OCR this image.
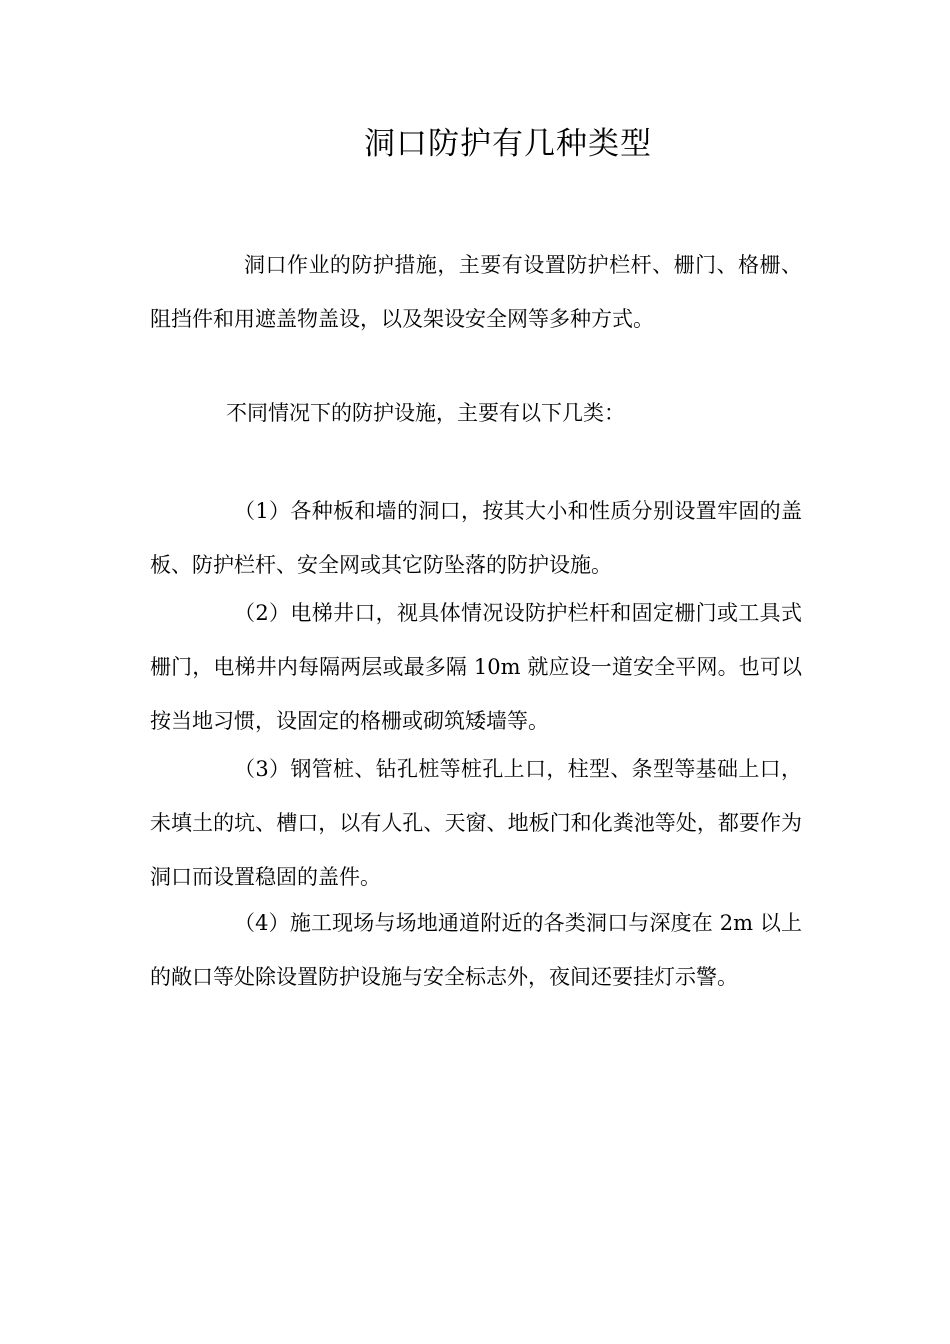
洞口防护有几种类型

洞口作业的防护措施，主要有设置防护栏杆、栅门、格栅、阻挡件和用遮盖物盖设，以及架设安全网等多种方式。

不同情况下的防护设施，主要有以下几类：

（1）各种板和墙的洞口，按其大小和性质分别设置牢固的盖板、防护栏杆、安全网或其它防坠落的防护设施。

（2）电梯井口，视具体情况设防护栏杆和固定栅门或工具式栅门，电梯井内每隔两层或最多隔 10m 就应设一道安全平网。也可以按当地习惯，设固定的格栅或砌筑矮墙等。

（3）钢管桩、钻孔桩等桩孔上口，柱型、条型等基础上口，未填土的坑、槽口，以有人孔、天窗、地板门和化粪池等处，都要作为洞口而设置稳固的盖件。

（4）施工现场与场地通道附近的各类洞口与深度在 2m 以上的敞口等处除设置防护设施与安全标志外，夜间还要挂灯示警。
